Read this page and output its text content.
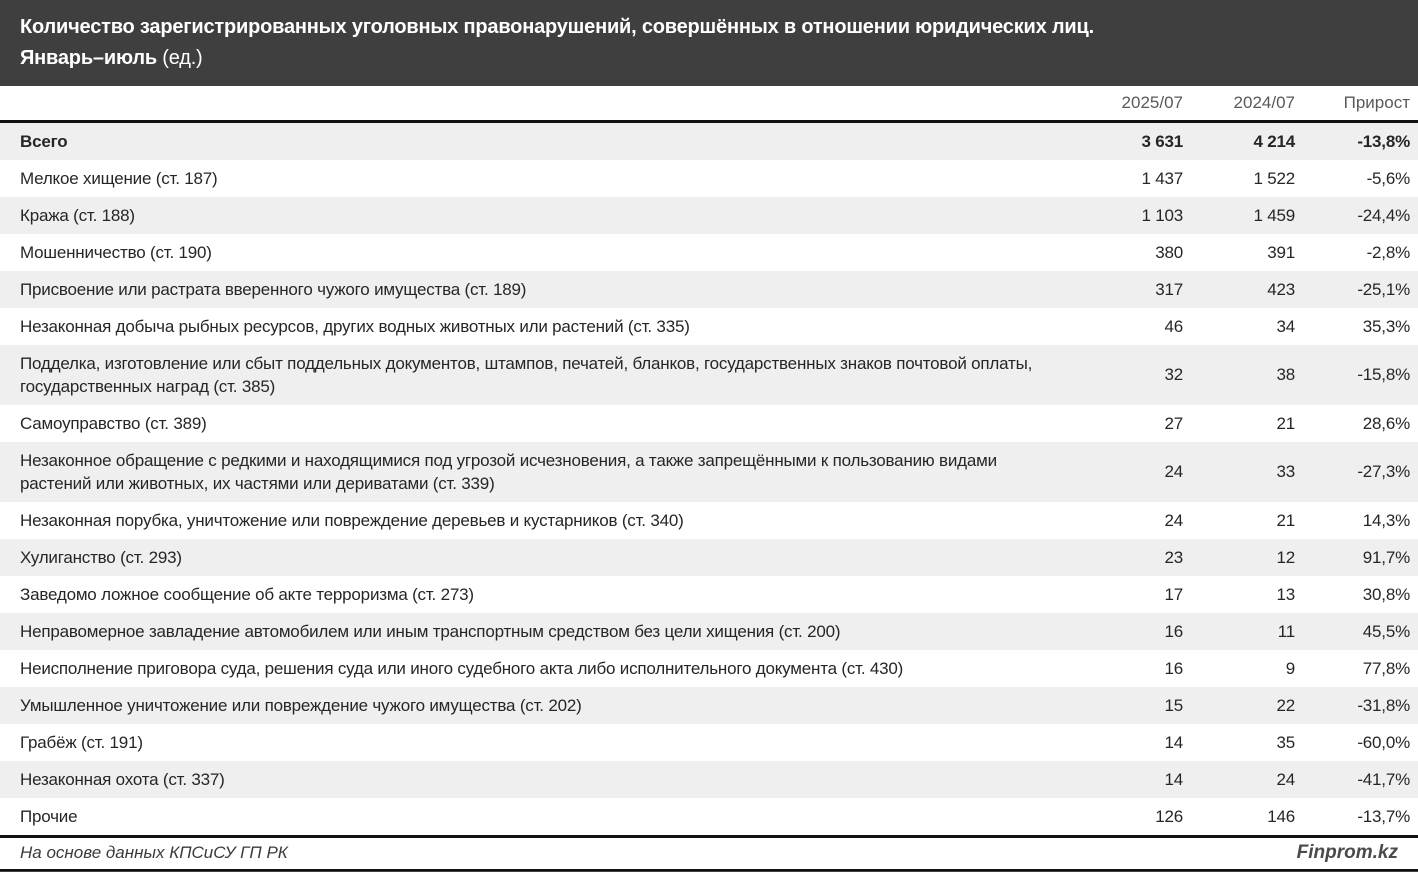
Количество зарегистрированных уголовных правонарушений, совершённых в отношении юридических лиц.
Январь–июль (ед.)
	2025/07	2024/07	Прирост
Всего	3 631	4 214	-13,8%
Мелкое хищение (ст. 187)	1 437	1 522	-5,6%
Кража (ст. 188)	1 103	1 459	-24,4%
Мошенничество (ст. 190)	380	391	-2,8%
Присвоение или растрата вверенного чужого имущества (ст. 189)	317	423	-25,1%
Незаконная добыча рыбных ресурсов, других водных животных или растений (ст. 335)	46	34	35,3%
Подделка, изготовление или сбыт поддельных документов, штампов, печатей, бланков, государственных знаков почтовой оплаты, государственных наград (ст. 385)	32	38	-15,8%
Самоуправство (ст. 389)	27	21	28,6%
Незаконное обращение с редкими и находящимися под угрозой исчезновения, а также запрещёнными к пользованию видами растений или животных, их частями или дериватами (ст. 339)	24	33	-27,3%
Незаконная порубка, уничтожение или повреждение деревьев и кустарников (ст. 340)	24	21	14,3%
Хулиганство (ст. 293)	23	12	91,7%
Заведомо ложное сообщение об акте терроризма (ст. 273)	17	13	30,8%
Неправомерное завладение автомобилем или иным транспортным средством без цели хищения (ст. 200)	16	11	45,5%
Неисполнение приговора суда, решения суда или иного судебного акта либо исполнительного документа (ст. 430)	16	9	77,8%
Умышленное уничтожение или повреждение чужого имущества (ст. 202)	15	22	-31,8%
Грабёж (ст. 191)	14	35	-60,0%
Незаконная охота (ст. 337)	14	24	-41,7%
Прочие	126	146	-13,7%
На основе данных КПСиСУ ГП РК	Finprom.kz
